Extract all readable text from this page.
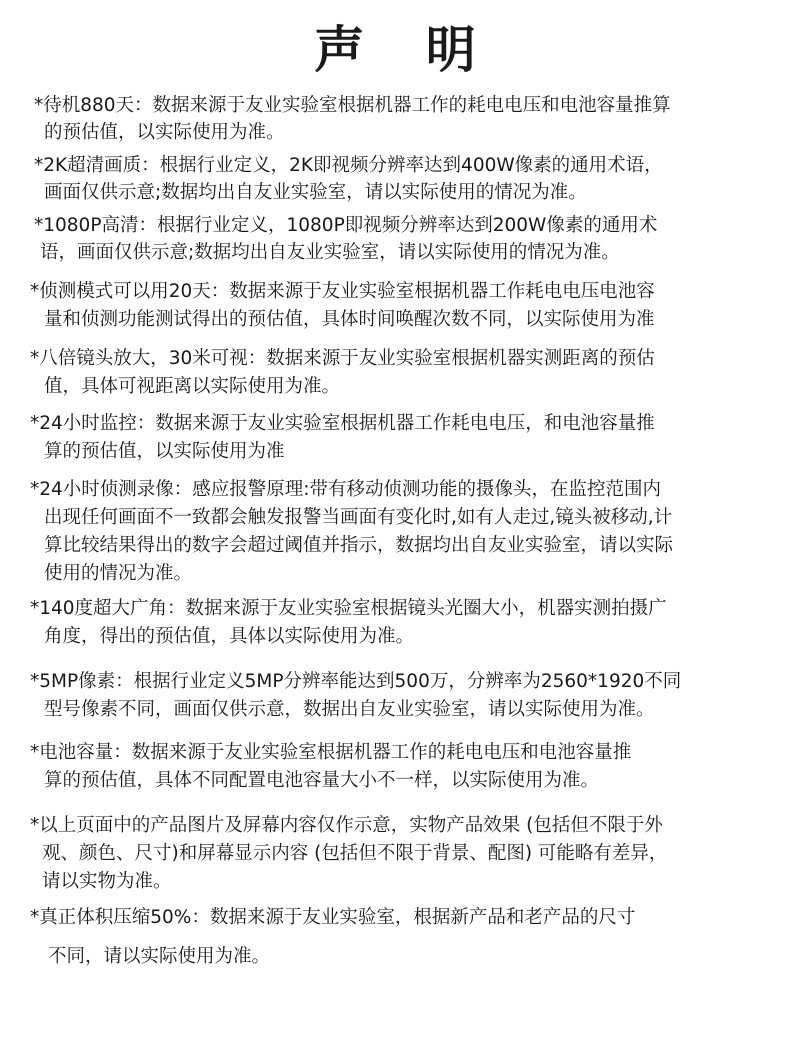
声 明
*待机880天：数据来源于友业实验室根据机器工作的耗电电压和电池容量推算
的预估值，以实际使用为准。
*2K超清画质：根据行业定义，2K即视频分辨率达到400W像素的通用术语，
画面仅供示意;数据均出自友业实验室，请以实际使用的情况为准。
*1080P高清：根据行业定义，1080P即视频分辨率达到200W像素的通用术
语，画面仅供示意;数据均出自友业实验室，请以实际使用的情况为准。
*侦测模式可以用20天：数据来源于友业实验室根据机器工作耗电电压电池容
量和侦测功能测试得出的预估值，具体时间唤醒次数不同，以实际使用为准
*八倍镜头放大，30米可视：数据来源于友业实验室根据机器实测距离的预估
值，具体可视距离以实际使用为准。
*24小时监控：数据来源于友业实验室根据机器工作耗电电压，和电池容量推
算的预估值，以实际使用为准
*24小时侦测录像：感应报警原理:带有移动侦测功能的摄像头，在监控范围内
出现任何画面不一致都会触发报警当画面有变化时,如有人走过,镜头被移动,计
算比较结果得出的数字会超过阈值并指示，数据均出自友业实验室，请以实际
使用的情况为准。
*140度超大广角：数据来源于友业实验室根据镜头光圈大小，机器实测拍摄广
角度，得出的预估值，具体以实际使用为准。
*5MP像素：根据行业定义5MP分辨率能达到500万，分辨率为2560*1920不同
型号像素不同，画面仅供示意，数据出自友业实验室，请以实际使用为准。
*电池容量：数据来源于友业实验室根据机器工作的耗电电压和电池容量推
算的预估值，具体不同配置电池容量大小不一样，以实际使用为准。
*以上页面中的产品图片及屏幕内容仅作示意，实物产品效果 (包括但不限于外
观、颜色、尺寸)和屏幕显示内容 (包括但不限于背景、配图) 可能略有差异，
请以实物为准。
*真正体积压缩50%：数据来源于友业实验室，根据新产品和老产品的尺寸
不同，请以实际使用为准。
